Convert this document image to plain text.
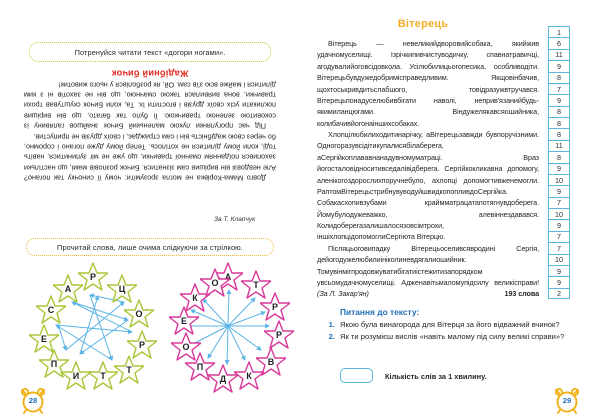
Потренуйся читати текст «догори ногами».

Довго Мама-Корівка не могла зрозуміти: чому її синочку так погано? Але невдовзі він вирішив сам зізнатися. Бичок розповів мамі, що настільки захопився поїданням смачної травички, що уже не міг зупинитися, навіть тоді, коли йому ділитися не хотілось. Тепер йому дуже погано і соромно, бо через свою жадібність він і сам страждає, і своїх друзів не припустив.

Під час прогулянки лукою маленький Бичок знайшов галявину із соковитою зеленою травичкою. Її було так багато, що він вирішив покликати усіх своїх друзів і вгостити їх. Та, коли Бичок скуштував трохи травички, вона виявилася такою смачною, що він не захотів ні з ким ділитися і майже всю з'їв сам. Ой, як розболівся у нього животик!

Жадібний бичок
За Т. Клапчук
Прочитай слова, лише очима слідкуючи за стрілкою.
Р
Ц
О
Р
Т
Т
И
П
Е
С
А
А
Т
Р
Р
В
К
Д
П
О
Е
К
О
28
Вітерець

Вітерець — невеликийдворовийсобака, якийжив удачномуселищі. Ізрічкипивчистуводичку, спавнатравичці, агодувалийоговсідовкола. Усілюбилицьогопесика, особливодіти. Вітерецьбувдужедобримісправедливим. Якщовінбачив, щохтоськривдитьслабшого, товідразужвтручався. Вітерецьпонадуселюбивбігати наволі, неприв'язанийбудь-якимиланцюгами. Віндужелякавсяошийника, колибачивйогонаіншихсобаках.

Хлопцілюбилиходитинарічку, аВітерецьзавжди бувпоручізними. Одногоразувсідітикупалисябілаберега, аСергійкоплававнанадувномуматраці. Враз йогосталовідноситивседалівідберега. Сергійкокликавна допомогу, аленікогоздорослихпоручнебуло, ахлопці допомогтивженемогли. РаптомВітерецьстрибнувуводуйшвидкопопливдоСергійка. Собакасхопивзубами краймматрацатапотягнувдоберега. Йомубулодужеважко, алевіннездавався. Колидоберегазалишалосязовсімтрохи, іншіхлопцідопомоглиСергіюта Вітерцю.

Післяцьоговипадку Вітерецьоселивсявродині Сергія, дейогодужелюбилиініколиневдягалиошийник. Томувінмігпродовжуватибігатиістежитизапорядком увсьомудачномуселищі. Адженавітьмаломупідсилу великісправи! (За Л. Закар'ян)	193 слова

1
6
11
9
8
7
9
8
8
8
11
8
9
10
9
7
10
9
7
7
10
9
9
2
Питання до тексту:
1. Якою була винагорода для Вітерця за його відважний вчинок?
2. Як ти розумієш вислів «навіть малому під силу великі справи»?
Кількість слів за 1 хвилину.
29
